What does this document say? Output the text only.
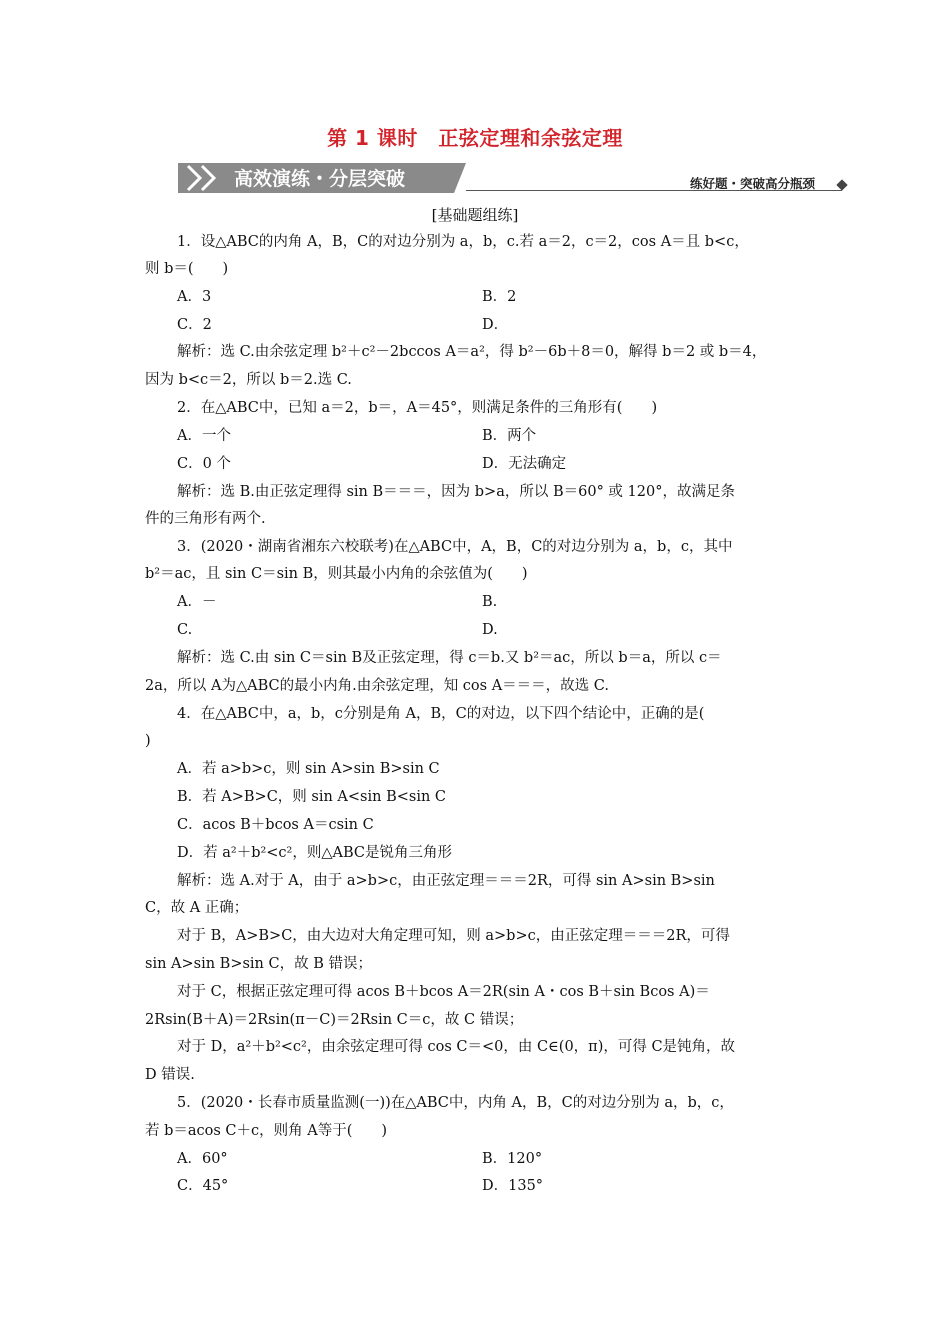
第 1 课时　正弦定理和余弦定理
高效演练・分层突破	练好题・突破高分瓶颈
[基础题组练]
1．设△ABC的内角 A，B，C的对边分别为 a，b，c.若 a＝2，c＝2，cos A＝且 b<c，
则 b＝(　　)
A．3	B．2
C．2	D．
解析：选 C.由余弦定理 b²＋c²－2bccos A＝a²，得 b²－6b＋8＝0，解得 b＝2 或 b＝4，
因为 b<c＝2，所以 b＝2.选 C.
2．在△ABC中，已知 a＝2，b＝，A＝45°，则满足条件的三角形有(　　)
A．一个	B．两个
C．0 个	D．无法确定
解析：选 B.由正弦定理得 sin B＝＝＝，因为 b>a，所以 B＝60° 或 120°，故满足条
件的三角形有两个.
3．(2020・湖南省湘东六校联考)在△ABC中，A，B，C的对边分别为 a，b，c，其中
b²＝ac，且 sin C＝sin B，则其最小内角的余弦值为(　　)
A．－	B.
C.	D.
解析：选 C.由 sin C＝sin B及正弦定理，得 c＝b.又 b²＝ac，所以 b＝a，所以 c＝
2a，所以 A为△ABC的最小内角.由余弦定理，知 cos A＝＝＝，故选 C.
4．在△ABC中，a，b，c分别是角 A，B，C的对边，以下四个结论中，正确的是(
)
A．若 a>b>c，则 sin A>sin B>sin C
B．若 A>B>C，则 sin A<sin B<sin C
C．acos B＋bcos A＝csin C
D．若 a²＋b²<c²，则△ABC是锐角三角形
解析：选 A.对于 A，由于 a>b>c，由正弦定理＝＝＝2R，可得 sin A>sin B>sin
C，故 A 正确；
对于 B，A>B>C，由大边对大角定理可知，则 a>b>c，由正弦定理＝＝＝2R，可得
sin A>sin B>sin C，故 B 错误；
对于 C，根据正弦定理可得 acos B＋bcos A＝2R(sin A・cos B＋sin Bcos A)＝
2Rsin(B＋A)＝2Rsin(π－C)＝2Rsin C＝c，故 C 错误；
对于 D，a²＋b²<c²，由余弦定理可得 cos C＝<0，由 C∈(0，π)，可得 C是钝角，故
D 错误.
5．(2020・长春市质量监测(一))在△ABC中，内角 A，B，C的对边分别为 a，b，c，
若 b＝acos C＋c，则角 A等于(　　)
A．60°	B．120°
C．45°	D．135°
